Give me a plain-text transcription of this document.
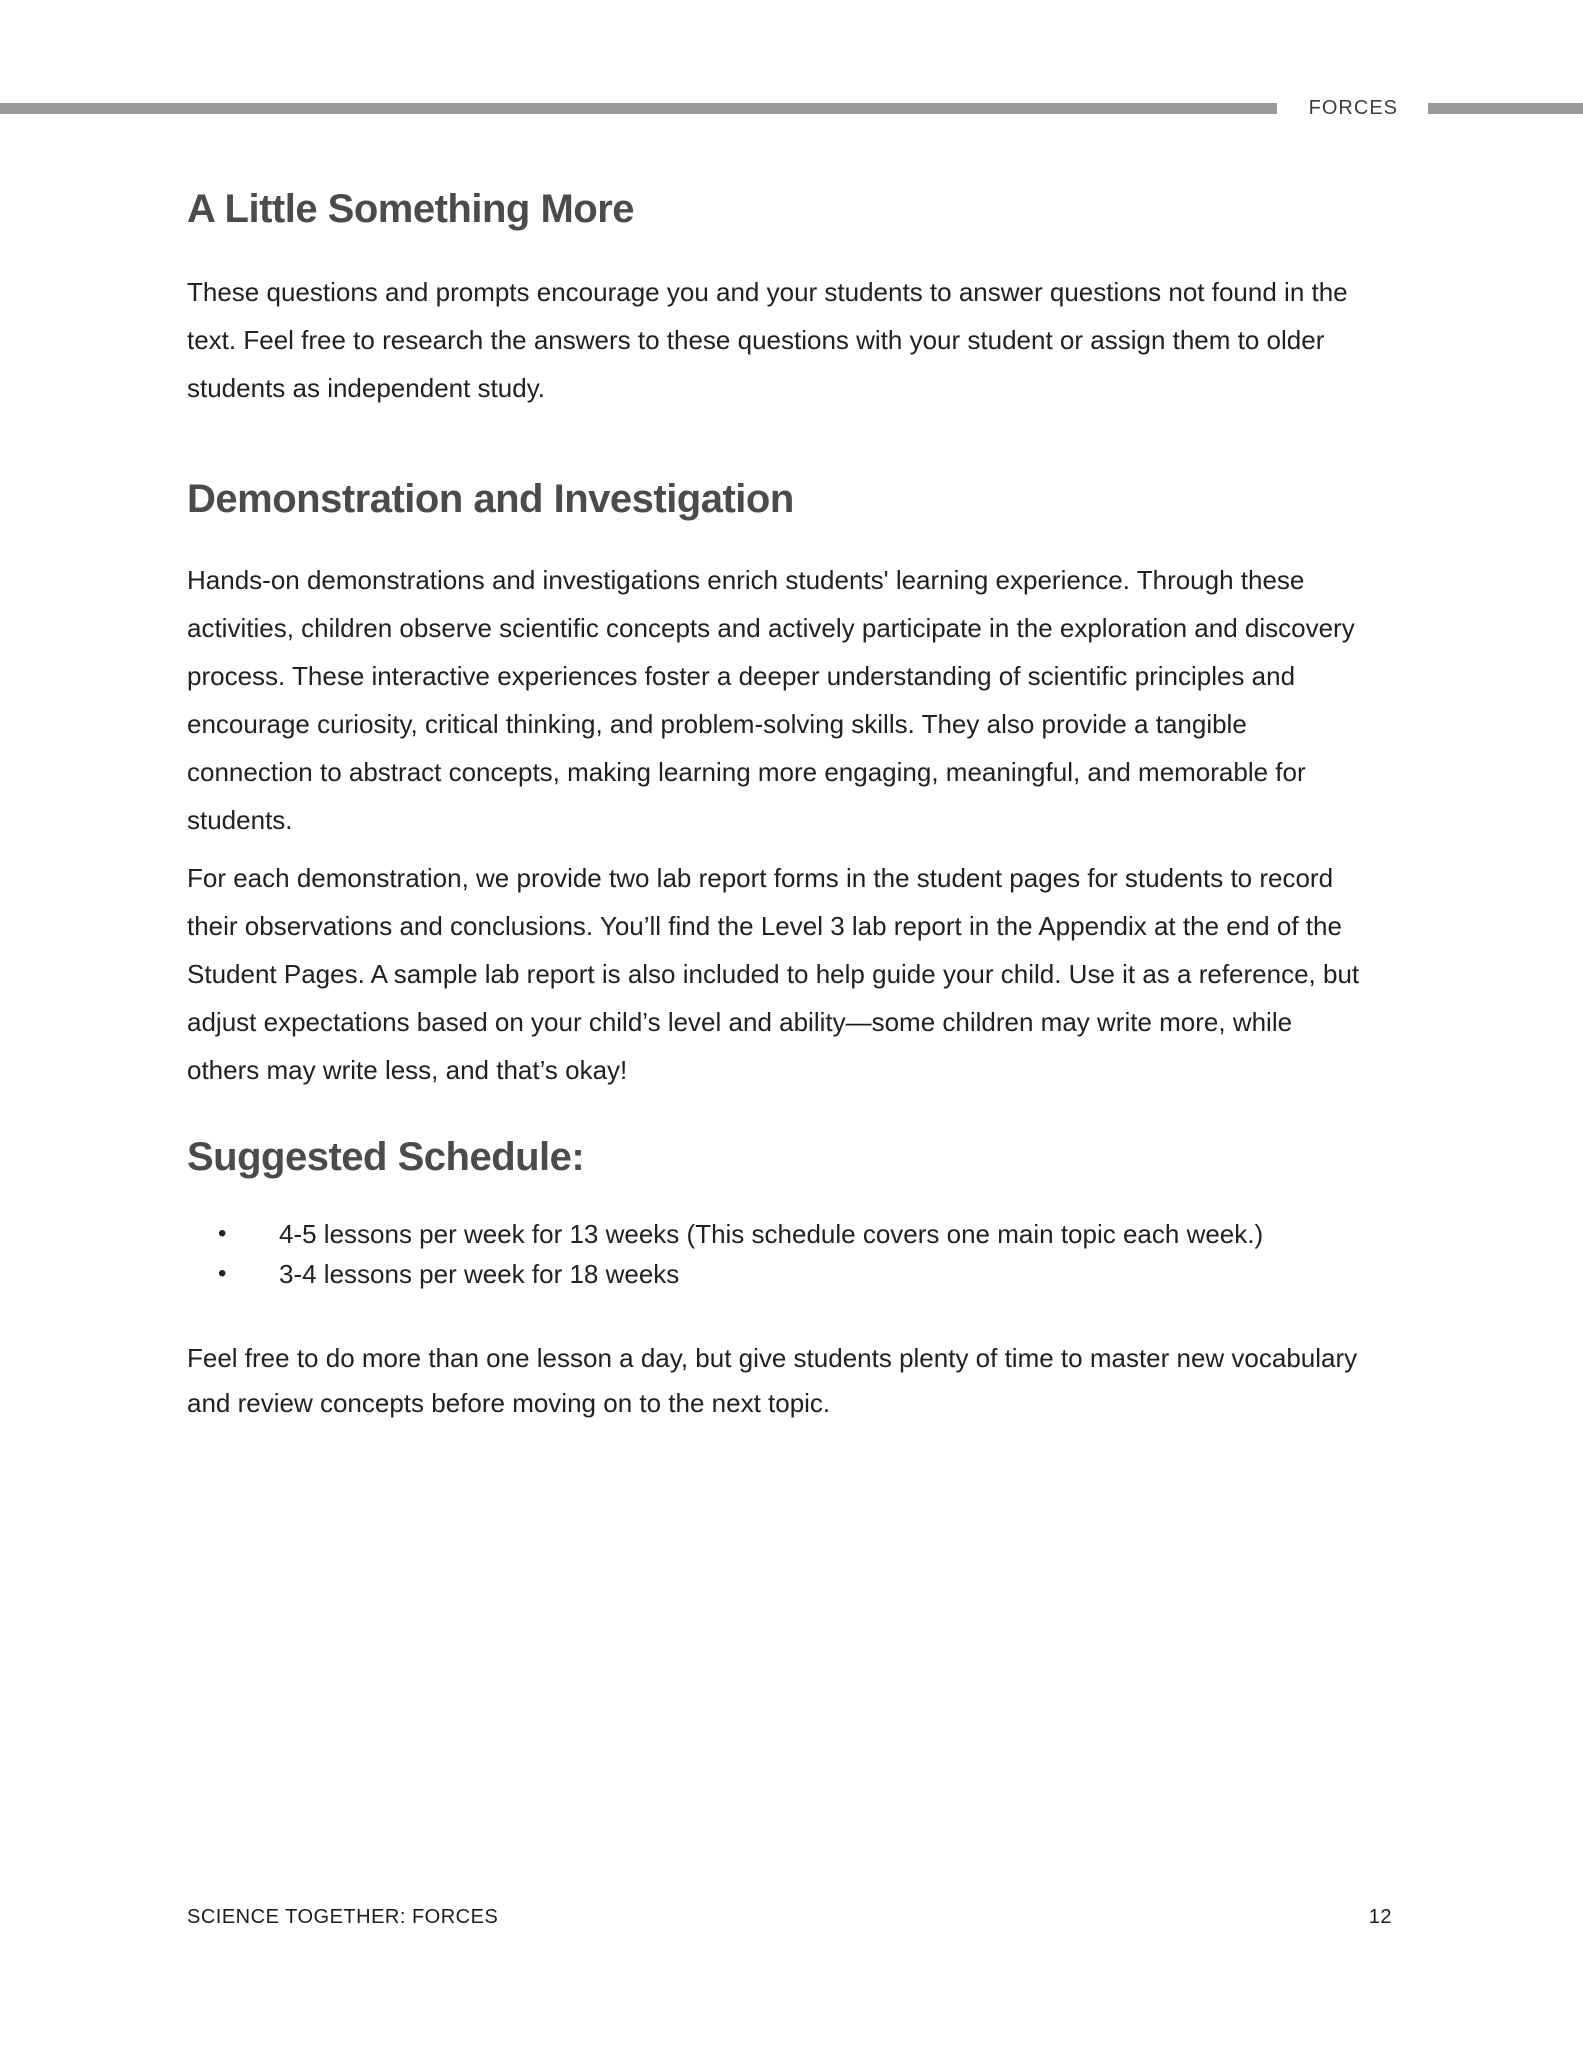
FORCES
A Little Something More

These questions and prompts encourage you and your students to answer questions not found in the text. Feel free to research the answers to these questions with your student or assign them to older students as independent study.

Demonstration and Investigation

Hands-on demonstrations and investigations enrich students' learning experience. Through these activities, children observe scientific concepts and actively participate in the exploration and discovery process. These interactive experiences foster a deeper understanding of scientific principles and encourage curiosity, critical thinking, and problem-solving skills. They also provide a tangible connection to abstract concepts, making learning more engaging, meaningful, and memorable for students.

For each demonstration, we provide two lab report forms in the student pages for students to record their observations and conclusions. You’ll find the Level 3 lab report in the Appendix at the end of the Student Pages. A sample lab report is also included to help guide your child. Use it as a reference, but adjust expectations based on your child’s level and ability—some children may write more, while others may write less, and that’s okay!

Suggested Schedule:
•	4-5 lessons per week for 13 weeks (This schedule covers one main topic each week.)
•	3-4 lessons per week for 18 weeks

Feel free to do more than one lesson a day, but give students plenty of time to master new vocabulary and review concepts before moving on to the next topic.

SCIENCE TOGETHER: FORCES	12
